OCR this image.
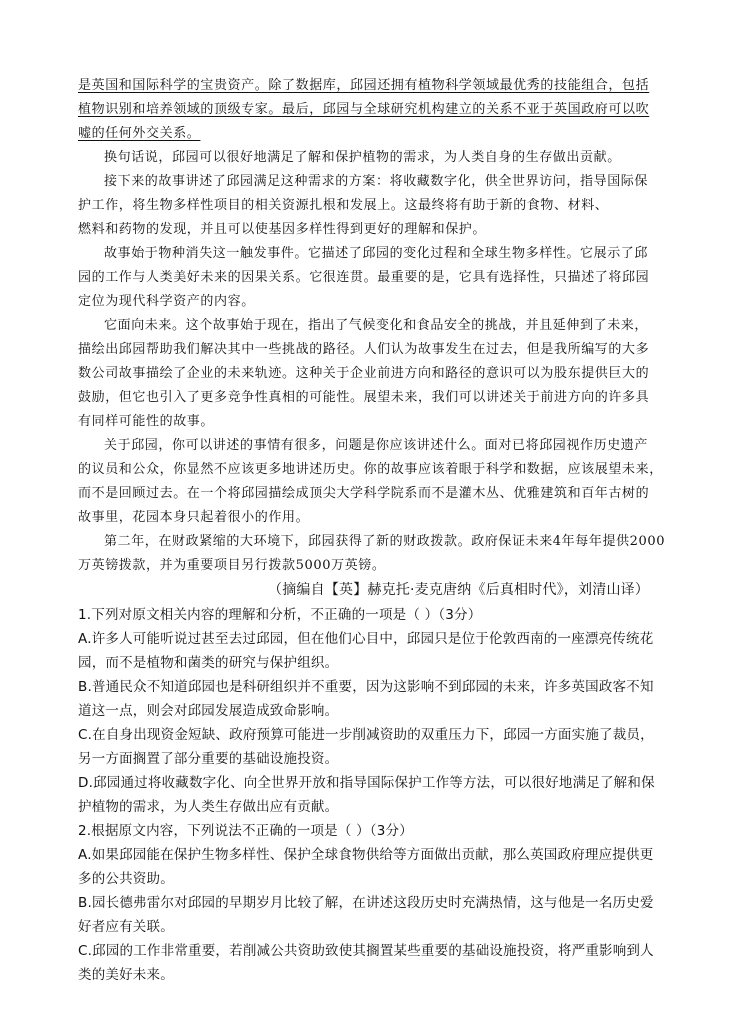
是英国和国际科学的宝贵资产。除了数据库，邱园还拥有植物科学领域最优秀的技能组合，包括
植物识别和培养领域的顶级专家。最后，邱园与全球研究机构建立的关系不亚于英国政府可以吹
嘘的任何外交关系。
换句话说，邱园可以很好地满足了解和保护植物的需求，为人类自身的生存做出贡献。
接下来的故事讲述了邱园满足这种需求的方案：将收藏数字化，供全世界访问，指导国际保
护工作，将生物多样性项目的相关资源扎根和发展上。这最终将有助于新的食物、材料、
燃料和药物的发现，并且可以使基因多样性得到更好的理解和保护。
故事始于物种消失这一触发事件。它描述了邱园的变化过程和全球生物多样性。它展示了邱
园的工作与人类美好未来的因果关系。它很连贯。最重要的是，它具有选择性，只描述了将邱园
定位为现代科学资产的内容。
它面向未来。这个故事始于现在，指出了气候变化和食品安全的挑战，并且延伸到了未来，
描绘出邱园帮助我们解决其中一些挑战的路径。人们认为故事发生在过去，但是我所编写的大多
数公司故事描绘了企业的未来轨迹。这种关于企业前进方向和路径的意识可以为股东提供巨大的
鼓励，但它也引入了更多竞争性真相的可能性。展望未来，我们可以讲述关于前进方向的许多具
有同样可能性的故事。
关于邱园，你可以讲述的事情有很多，问题是你应该讲述什么。面对已将邱园视作历史遗产
的议员和公众，你显然不应该更多地讲述历史。你的故事应该着眼于科学和数据，应该展望未来，
而不是回顾过去。在一个将邱园描绘成顶尖大学科学院系而不是灌木丛、优雅建筑和百年古树的
故事里，花园本身只起着很小的作用。
第二年，在财政紧缩的大环境下，邱园获得了新的财政拨款。政府保证未来4年每年提供2000
万英镑拨款，并为重要项目另行拨款5000万英镑。
（摘编自【英】赫克托·麦克唐纳《后真相时代》，刘清山译）
1.下列对原文相关内容的理解和分析，不正确的一项是（ ）（3分）
A.许多人可能听说过甚至去过邱园，但在他们心目中，邱园只是位于伦敦西南的一座漂亮传统花
园，而不是植物和菌类的研究与保护组织。
B.普通民众不知道邱园也是科研组织并不重要，因为这影响不到邱园的未来，许多英国政客不知
道这一点，则会对邱园发展造成致命影响。
C.在自身出现资金短缺、政府预算可能进一步削减资助的双重压力下，邱园一方面实施了裁员，
另一方面搁置了部分重要的基础设施投资。
D.邱园通过将收藏数字化、向全世界开放和指导国际保护工作等方法，可以很好地满足了解和保
护植物的需求，为人类生存做出应有贡献。
2.根据原文内容，下列说法不正确的一项是（ ）（3分）
A.如果邱园能在保护生物多样性、保护全球食物供给等方面做出贡献，那么英国政府理应提供更
多的公共资助。
B.园长德弗雷尔对邱园的早期岁月比较了解，在讲述这段历史时充满热情，这与他是一名历史爱
好者应有关联。
C.邱园的工作非常重要，若削减公共资助致使其搁置某些重要的基础设施投资，将严重影响到人
类的美好未来。
